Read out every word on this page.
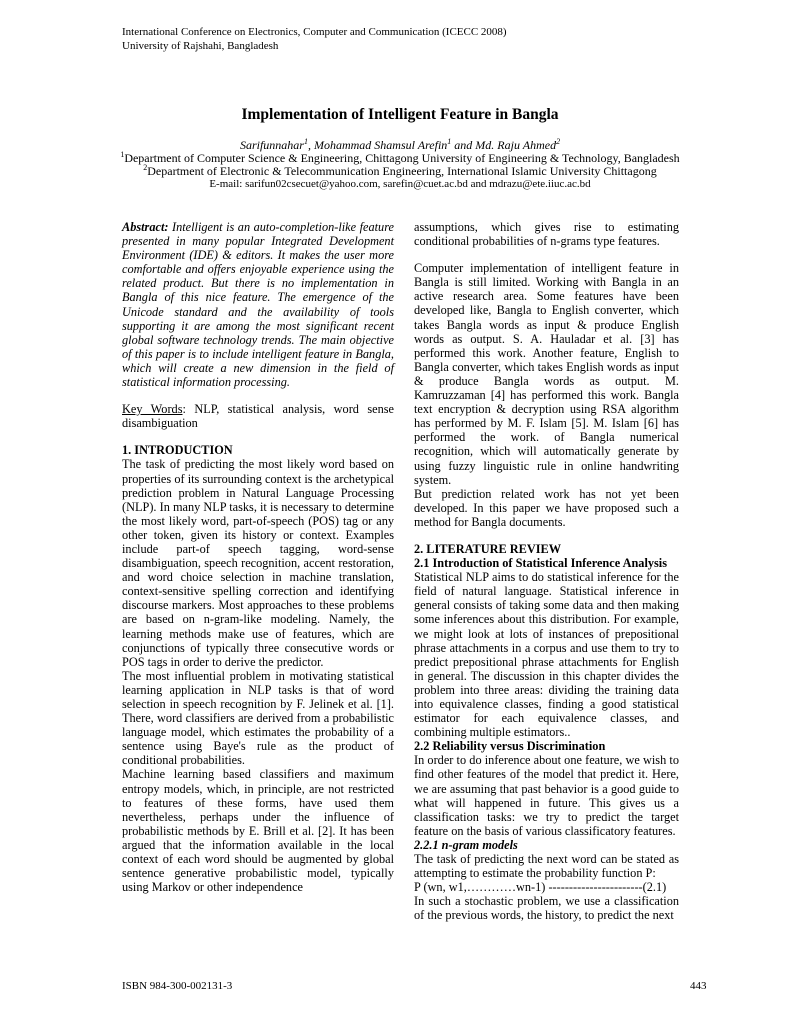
International Conference on Electronics, Computer and Communication (ICECC 2008)
University of Rajshahi, Bangladesh
Implementation of Intelligent Feature in Bangla
Sarifunnahar$^1$, Mohammad Shamsul Arefin$^1$ and Md. Raju Ahmed$^2$
$^1$Department of Computer Science & Engineering, Chittagong University of Engineering & Technology, Bangladesh
$^2$Department of Electronic & Telecommunication Engineering, International Islamic University Chittagong
E-mail: sarifun02csecuet@yahoo.com, sarefin@cuet.ac.bd and mdrazu@ete.iiuc.ac.bd

Abstract: Intelligent is an auto-completion-like feature presented in many popular Integrated Development Environment (IDE) & editors. It makes the user more comfortable and offers enjoyable experience using the related product. But there is no implementation in Bangla of this nice feature. The emergence of the Unicode standard and the availability of tools supporting it are among the most significant recent global software technology trends. The main objective of this paper is to include intelligent feature in Bangla, which will create a new dimension in the field of statistical information processing.

Key Words: NLP, statistical analysis, word sense disambiguation

1. INTRODUCTION

The task of predicting the most likely word based on properties of its surrounding context is the archetypical prediction problem in Natural Language Processing (NLP). In many NLP tasks, it is necessary to determine the most likely word, part-of-speech (POS) tag or any other token, given its history or context. Examples include part-of speech tagging, word-sense disambiguation, speech recognition, accent restoration, and word choice selection in machine translation, context-sensitive spelling correction and identifying discourse markers. Most approaches to these problems are based on n-gram-like modeling. Namely, the learning methods make use of features, which are conjunctions of typically three consecutive words or POS tags in order to derive the predictor.

The most influential problem in motivating statistical learning application in NLP tasks is that of word selection in speech recognition by F. Jelinek et al. [1]. There, word classifiers are derived from a probabilistic language model, which estimates the probability of a sentence using Baye's rule as the product of conditional probabilities.

Machine learning based classifiers and maximum entropy models, which, in principle, are not restricted to features of these forms, have used them nevertheless, perhaps under the influence of probabilistic methods by E. Brill et al. [2]. It has been argued that the information available in the local context of each word should be augmented by global sentence generative probabilistic model, typically using Markov or other independence

assumptions, which gives rise to estimating conditional probabilities of n-grams type features.

Computer implementation of intelligent feature in Bangla is still limited. Working with Bangla in an active research area. Some features have been developed like, Bangla to English converter, which takes Bangla words as input & produce English words as output. S. A. Hauladar et al. [3] has performed this work. Another feature, English to Bangla converter, which takes English words as input & produce Bangla words as output. M. Kamruzzaman [4] has performed this work. Bangla text encryption & decryption using RSA algorithm has performed by M. F. Islam [5]. M. Islam [6] has performed the work. of Bangla numerical recognition, which will automatically generate by using fuzzy linguistic rule in online handwriting system.

But prediction related work has not yet been developed. In this paper we have proposed such a method for Bangla documents.

2. LITERATURE REVIEW

2.1 Introduction of Statistical Inference Analysis

Statistical NLP aims to do statistical inference for the field of natural language. Statistical inference in general consists of taking some data and then making some inferences about this distribution. For example, we might look at lots of instances of prepositional phrase attachments in a corpus and use them to try to predict prepositional phrase attachments for English in general. The discussion in this chapter divides the problem into three areas: dividing the training data into equivalence classes, finding a good statistical estimator for each equivalence classes, and combining multiple estimators..

2.2 Reliability versus Discrimination

In order to do inference about one feature, we wish to find other features of the model that predict it. Here, we are assuming that past behavior is a good guide to what will happened in future. This gives us a classification tasks: we try to predict the target feature on the basis of various classificatory features.

2.2.1 n-gram models

The task of predicting the next word can be stated as attempting to estimate the probability function P:

P (wn, w1,…………wn-1) -----------------------(2.1)

In such a stochastic problem, we use a classification of the previous words, the history, to predict the next

ISBN 984-300-002131-3	443
